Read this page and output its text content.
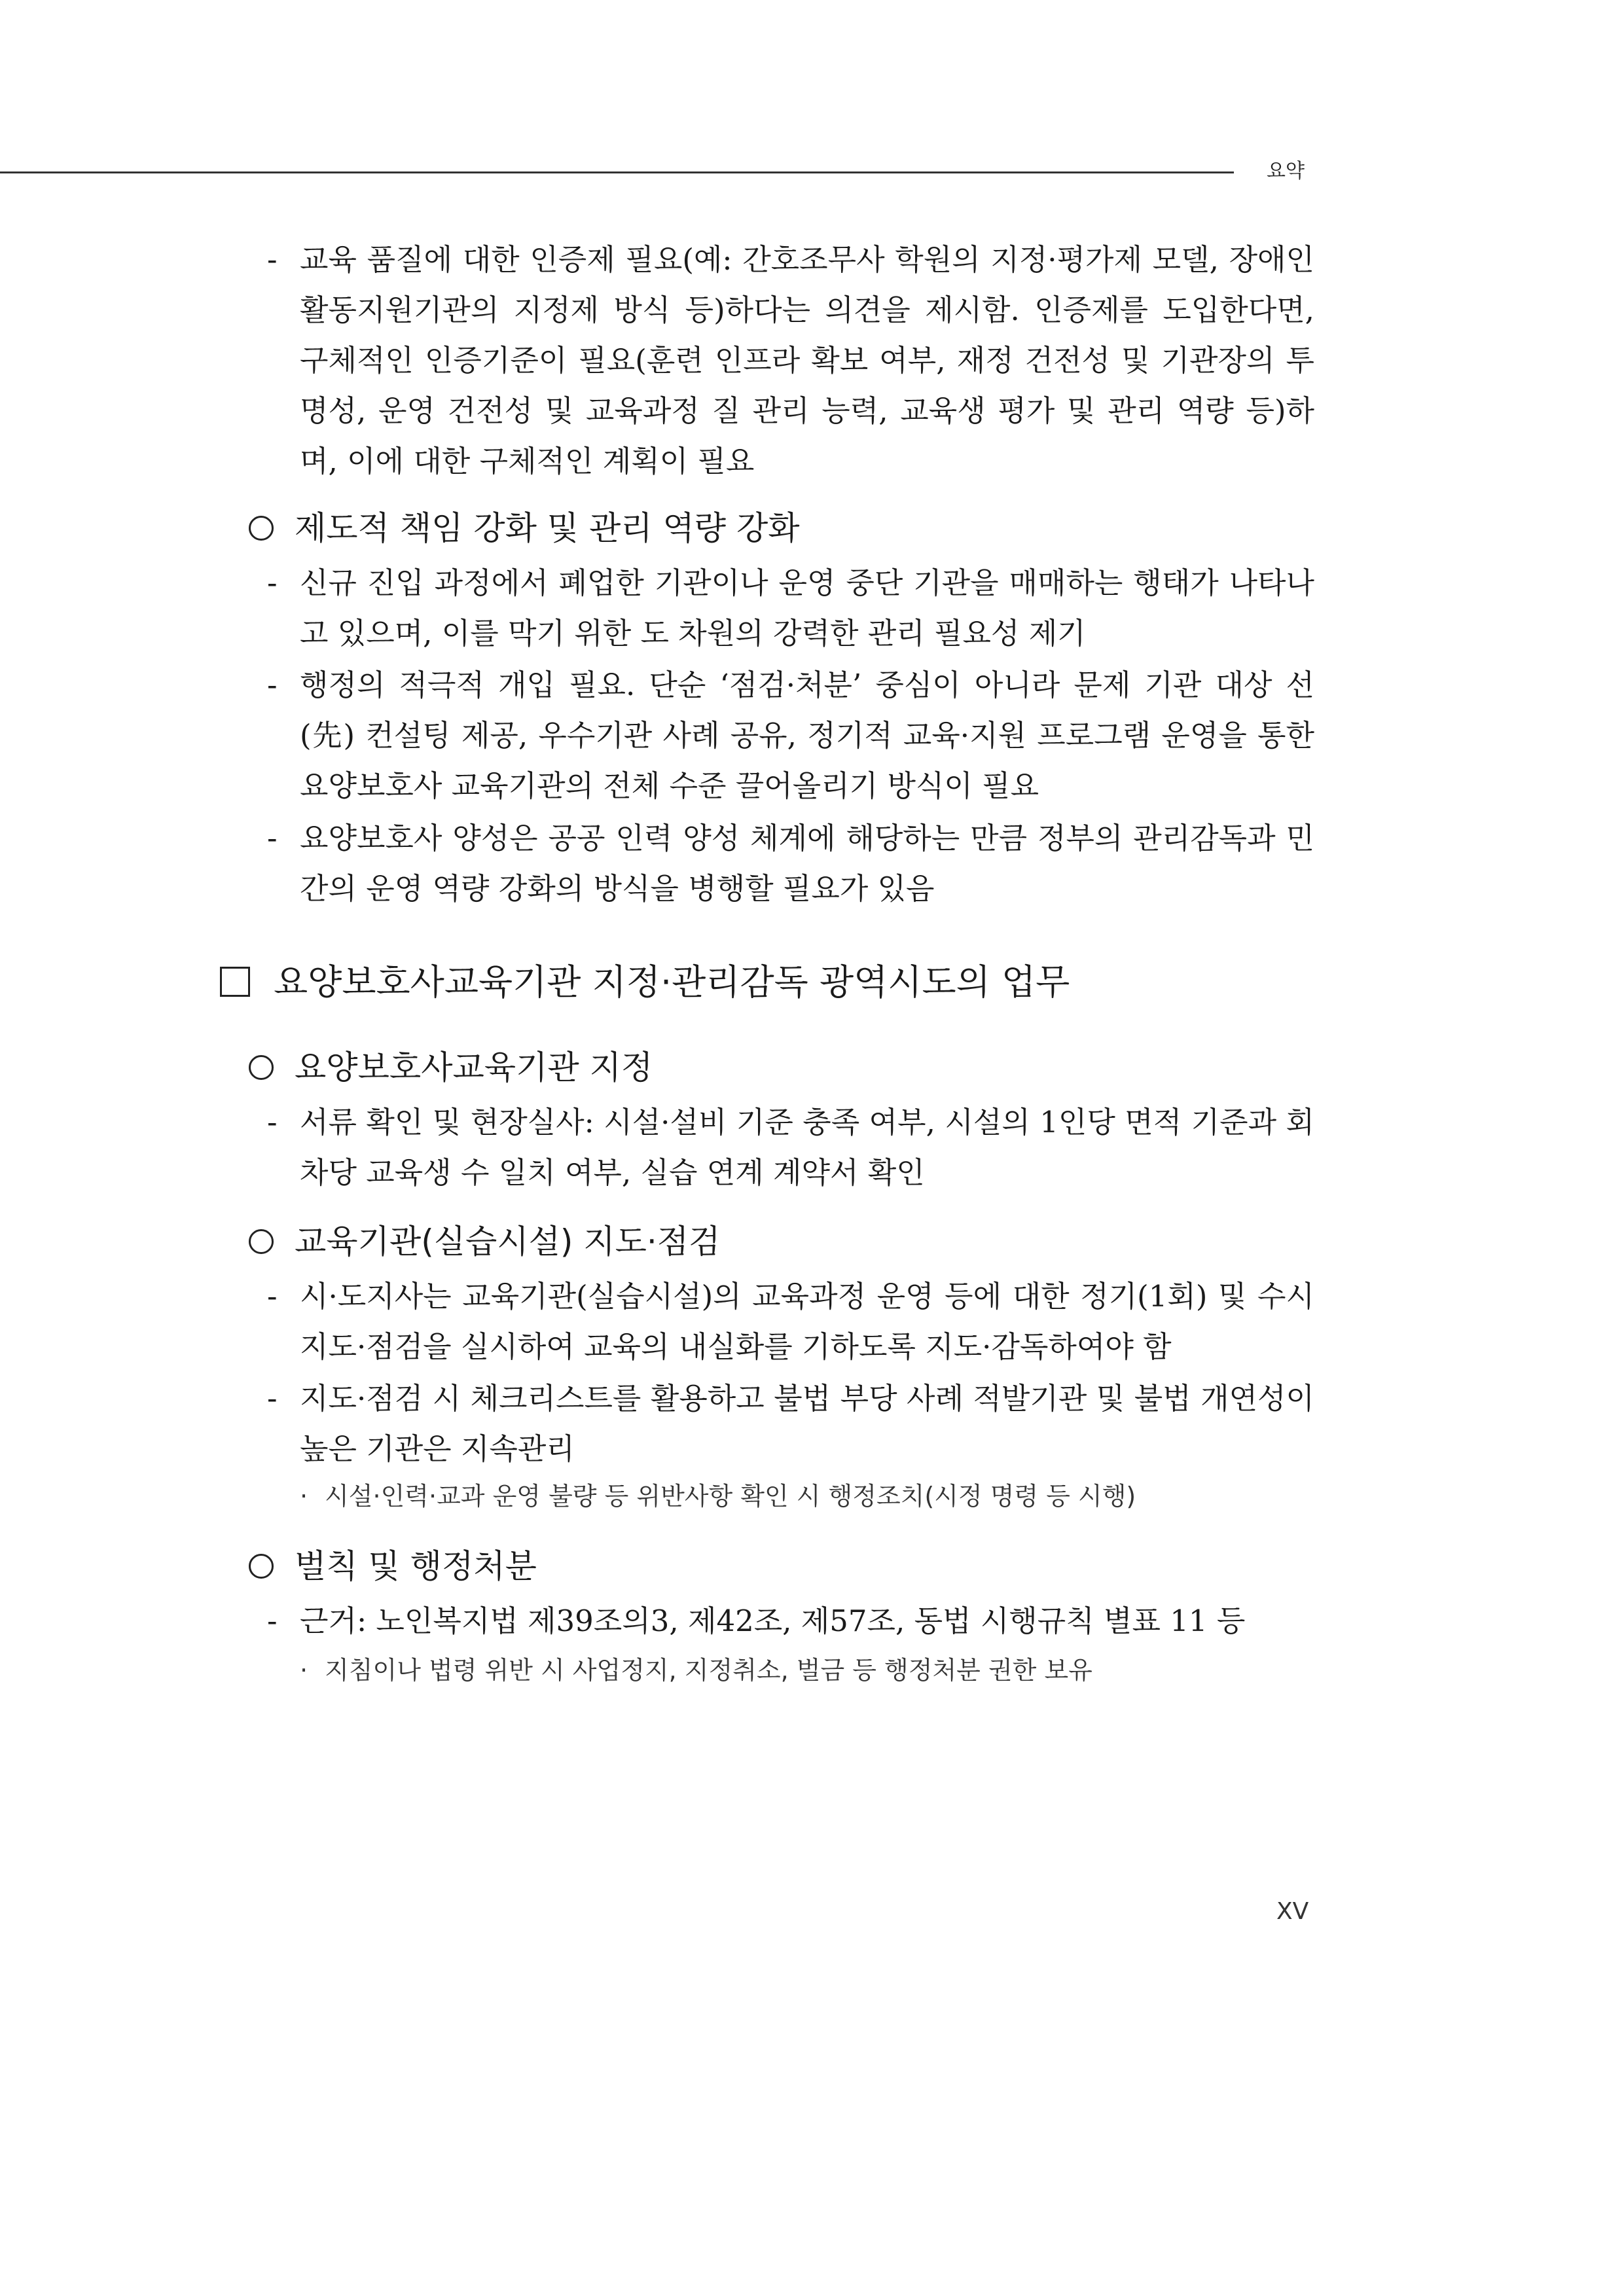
요약
- 교육 품질에 대한 인증제 필요(예: 간호조무사 학원의 지정·평가제 모델, 장애인활동지원기관의 지정제 방식 등)하다는 의견을 제시함. 인증제를 도입한다면, 구체적인 인증기준이 필요(훈련 인프라 확보 여부, 재정 건전성 및 기관장의 투명성, 운영 건전성 및 교육과정 질 관리 능력, 교육생 평가 및 관리 역량 등)하며, 이에 대한 구체적인 계획이 필요
제도적 책임 강화 및 관리 역량 강화
- 신규 진입 과정에서 폐업한 기관이나 운영 중단 기관을 매매하는 행태가 나타나고 있으며, 이를 막기 위한 도 차원의 강력한 관리 필요성 제기
- 행정의 적극적 개입 필요. 단순 ‘점검·처분’ 중심이 아니라 문제 기관 대상 선(先) 컨설팅 제공, 우수기관 사례 공유, 정기적 교육·지원 프로그램 운영을 통한 요양보호사 교육기관의 전체 수준 끌어올리기 방식이 필요
- 요양보호사 양성은 공공 인력 양성 체계에 해당하는 만큼 정부의 관리감독과 민간의 운영 역량 강화의 방식을 병행할 필요가 있음
요양보호사교육기관 지정·관리감독 광역시도의 업무
요양보호사교육기관 지정
- 서류 확인 및 현장실사: 시설·설비 기준 충족 여부, 시설의 1인당 면적 기준과 회차당 교육생 수 일치 여부, 실습 연계 계약서 확인
교육기관(실습시설) 지도·점검
- 시·도지사는 교육기관(실습시설)의 교육과정 운영 등에 대한 정기(1회) 및 수시 지도·점검을 실시하여 교육의 내실화를 기하도록 지도·감독하여야 함
- 지도·점검 시 체크리스트를 활용하고 불법 부당 사례 적발기관 및 불법 개연성이 높은 기관은 지속관리
· 시설·인력·교과 운영 불량 등 위반사항 확인 시 행정조치(시정 명령 등 시행)
벌칙 및 행정처분
- 근거: 노인복지법 제39조의3, 제42조, 제57조, 동법 시행규칙 별표 11 등
· 지침이나 법령 위반 시 사업정지, 지정취소, 벌금 등 행정처분 권한 보유
XV
